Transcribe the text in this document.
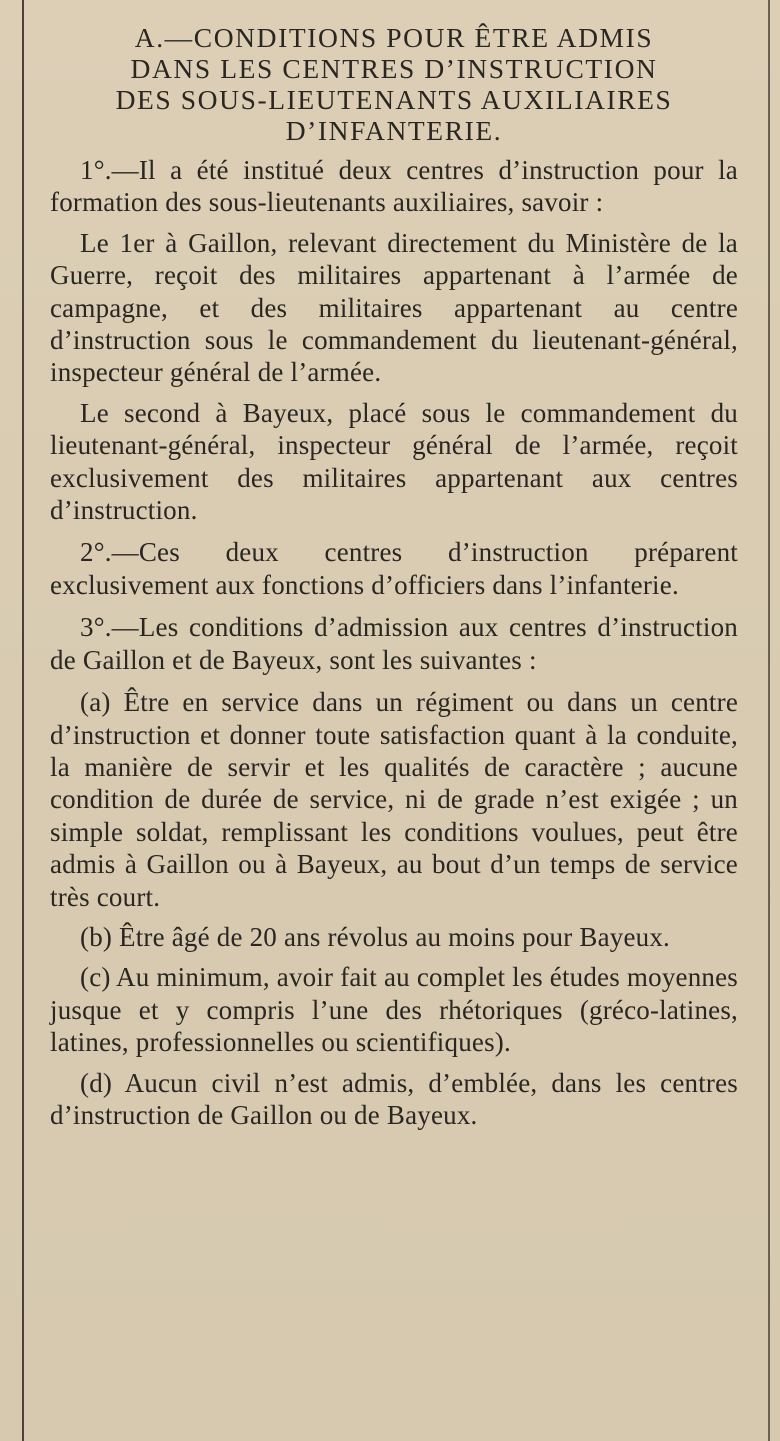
A.—CONDITIONS POUR ÊTRE ADMIS
DANS LES CENTRES D’INSTRUCTION
DES SOUS-LIEUTENANTS AUXILIAIRES
D’INFANTERIE.

1°.—Il a été institué deux centres d’instruction pour la formation des sous-lieutenants auxiliaires, savoir :

Le 1er à Gaillon, relevant directement du Ministère de la Guerre, reçoit des militaires appartenant à l’armée de campagne, et des militaires appartenant au centre d’instruction sous le commandement du lieutenant-général, inspecteur général de l’armée.

Le second à Bayeux, placé sous le commandement du lieutenant-général, inspecteur général de l’armée, reçoit exclusivement des militaires appartenant aux centres d’instruction.

2°.—Ces deux centres d’instruction préparent exclusivement aux fonctions d’officiers dans l’infanterie.

3°.—Les conditions d’admission aux centres d’instruction de Gaillon et de Bayeux, sont les suivantes :

(a) Être en service dans un régiment ou dans un centre d’instruction et donner toute satisfaction quant à la conduite, la manière de servir et les qualités de caractère ; aucune condition de durée de service, ni de grade n’est exigée ; un simple soldat, remplissant les conditions voulues, peut être admis à Gaillon ou à Bayeux, au bout d’un temps de service très court.

(b) Être âgé de 20 ans révolus au moins pour Bayeux.

(c) Au minimum, avoir fait au complet les études moyennes jusque et y compris l’une des rhétoriques (gréco-latines, latines, professionnelles ou scientifiques).

(d) Aucun civil n’est admis, d’emblée, dans les centres d’instruction de Gaillon ou de Bayeux.
